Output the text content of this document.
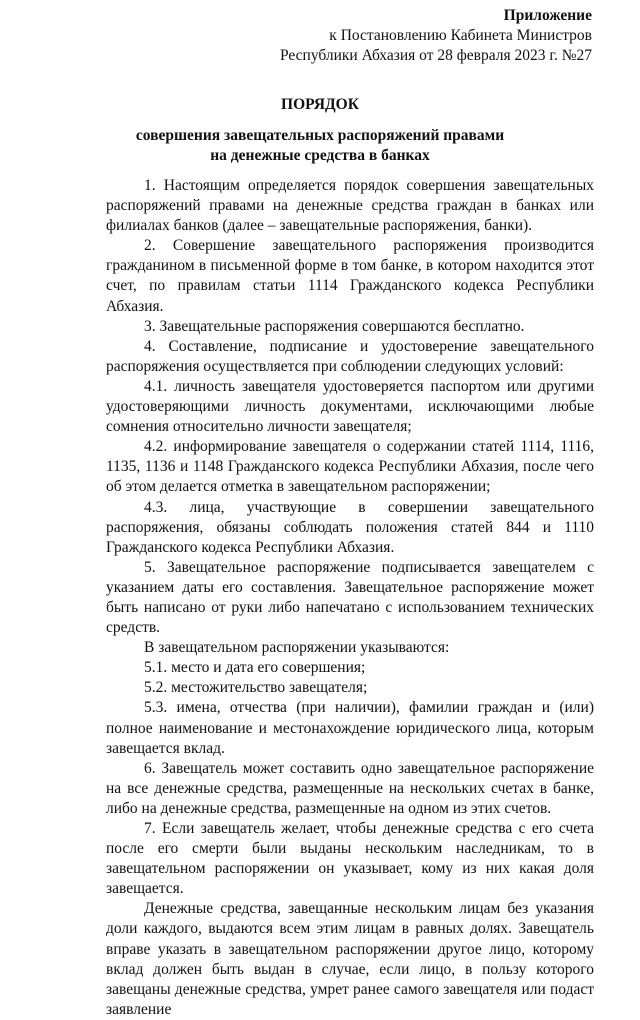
Приложение
к Постановлению Кабинета Министров
Республики Абхазия от 28 февраля 2023 г. №27
ПОРЯДОК
совершения завещательных распоряжений правами
на денежные средства в банках

1. Настоящим определяется порядок совершения завещательных распоряжений правами на денежные средства граждан в банках или филиалах банков (далее – завещательные распоряжения, банки).

2. Совершение завещательного распоряжения производится гражданином в письменной форме в том банке, в котором находится этот счет, по правилам статьи 1114 Гражданского кодекса Республики Абхазия.

3. Завещательные распоряжения совершаются бесплатно.

4. Составление, подписание и удостоверение завещательного распоряжения осуществляется при соблюдении следующих условий:

4.1. личность завещателя удостоверяется паспортом или другими удостоверяющими личность документами, исключающими любые сомнения относительно личности завещателя;

4.2. информирование завещателя о содержании статей 1114, 1116, 1135, 1136 и 1148 Гражданского кодекса Республики Абхазия, после чего об этом делается отметка в завещательном распоряжении;

4.3. лица, участвующие в совершении завещательного распоряжения, обязаны соблюдать положения статей 844 и 1110 Гражданского кодекса Республики Абхазия.

5. Завещательное распоряжение подписывается завещателем с указанием даты его составления. Завещательное распоряжение может быть написано от руки либо напечатано с использованием технических средств.

В завещательном распоряжении указываются:

5.1. место и дата его совершения;

5.2. местожительство завещателя;

5.3. имена, отчества (при наличии), фамилии граждан и (или) полное наименование и местонахождение юридического лица, которым завещается вклад.

6. Завещатель может составить одно завещательное распоряжение на все денежные средства, размещенные на нескольких счетах в банке, либо на денежные средства, размещенные на одном из этих счетов.

7. Если завещатель желает, чтобы денежные средства с его счета после его смерти были выданы нескольким наследникам, то в завещательном распоряжении он указывает, кому из них какая доля завещается.

Денежные средства, завещанные нескольким лицам без указания доли каждого, выдаются всем этим лицам в равных долях. Завещатель вправе указать в завещательном распоряжении другое лицо, которому вклад должен быть выдан в случае, если лицо, в пользу которого завещаны денежные средства, умрет ранее самого завещателя или подаст заявление
